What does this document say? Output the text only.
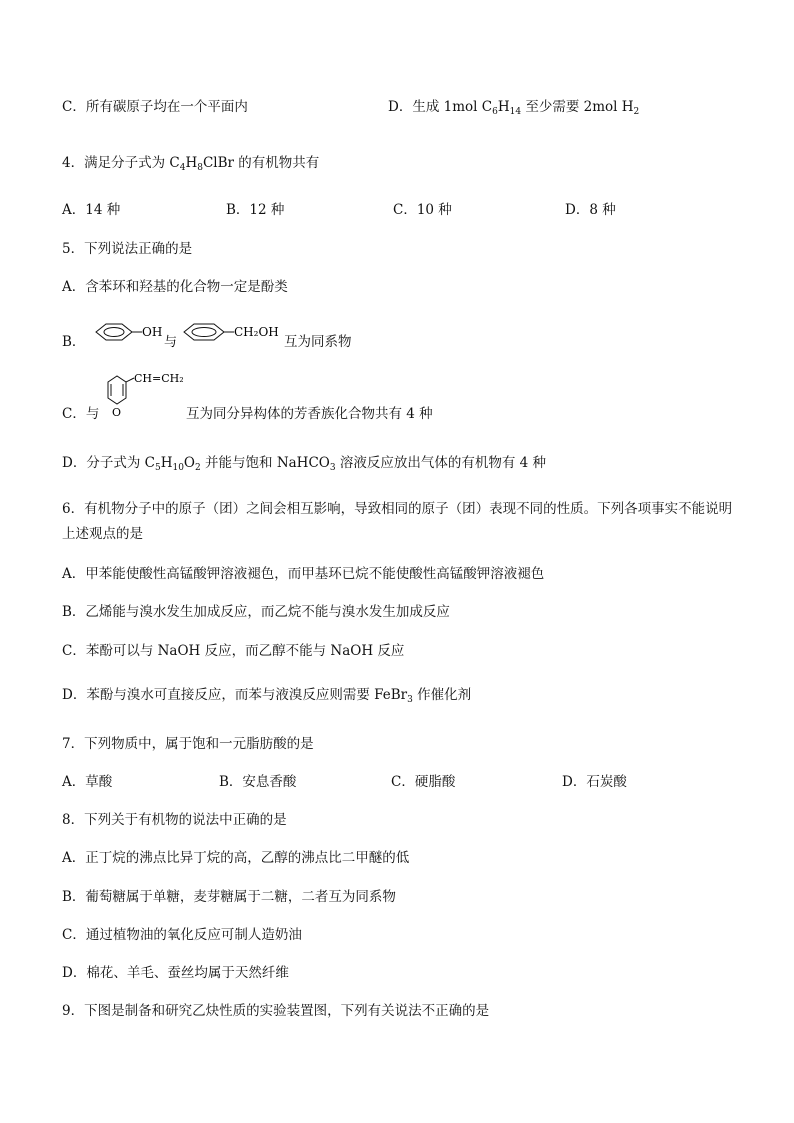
C．所有碳原子均在一个平面内	D．生成 1mol $C_6H_{14}$ 至少需要 2mol $H_2$
4．满足分子式为 $C_4H_8ClBr$ 的有机物共有
A．14 种	B．12 种	C．10 种	D．8 种
5．下列说法正确的是
A．含苯环和羟基的化合物一定是酚类
B．
OH
与
CH₂OH
互为同系物
C．与 O
CH=CH₂
互为同分异构体的芳香族化合物共有 4 种
D．分子式为 $C_5H_{10}O_2$ 并能与饱和 NaHCO$_3$ 溶液反应放出气体的有机物有 4 种
6．有机物分子中的原子（团）之间会相互影响，导致相同的原子（团）表现不同的性质。下列各项事实不能说明上述观点的是
A．甲苯能使酸性高锰酸钾溶液褪色，而甲基环已烷不能使酸性高锰酸钾溶液褪色
B．乙烯能与溴水发生加成反应，而乙烷不能与溴水发生加成反应
C．苯酚可以与 NaOH 反应，而乙醇不能与 NaOH 反应
D．苯酚与溴水可直接反应，而苯与液溴反应则需要 FeBr$_3$ 作催化剂
7．下列物质中，属于饱和一元脂肪酸的是
A．草酸	B．安息香酸	C．硬脂酸	D．石炭酸
8．下列关于有机物的说法中正确的是
A．正丁烷的沸点比异丁烷的高，乙醇的沸点比二甲醚的低
B．葡萄糖属于单糖，麦芽糖属于二糖，二者互为同系物
C．通过植物油的氧化反应可制人造奶油
D．棉花、羊毛、蚕丝均属于天然纤维
9．下图是制备和研究乙炔性质的实验装置图，下列有关说法不正确的是
